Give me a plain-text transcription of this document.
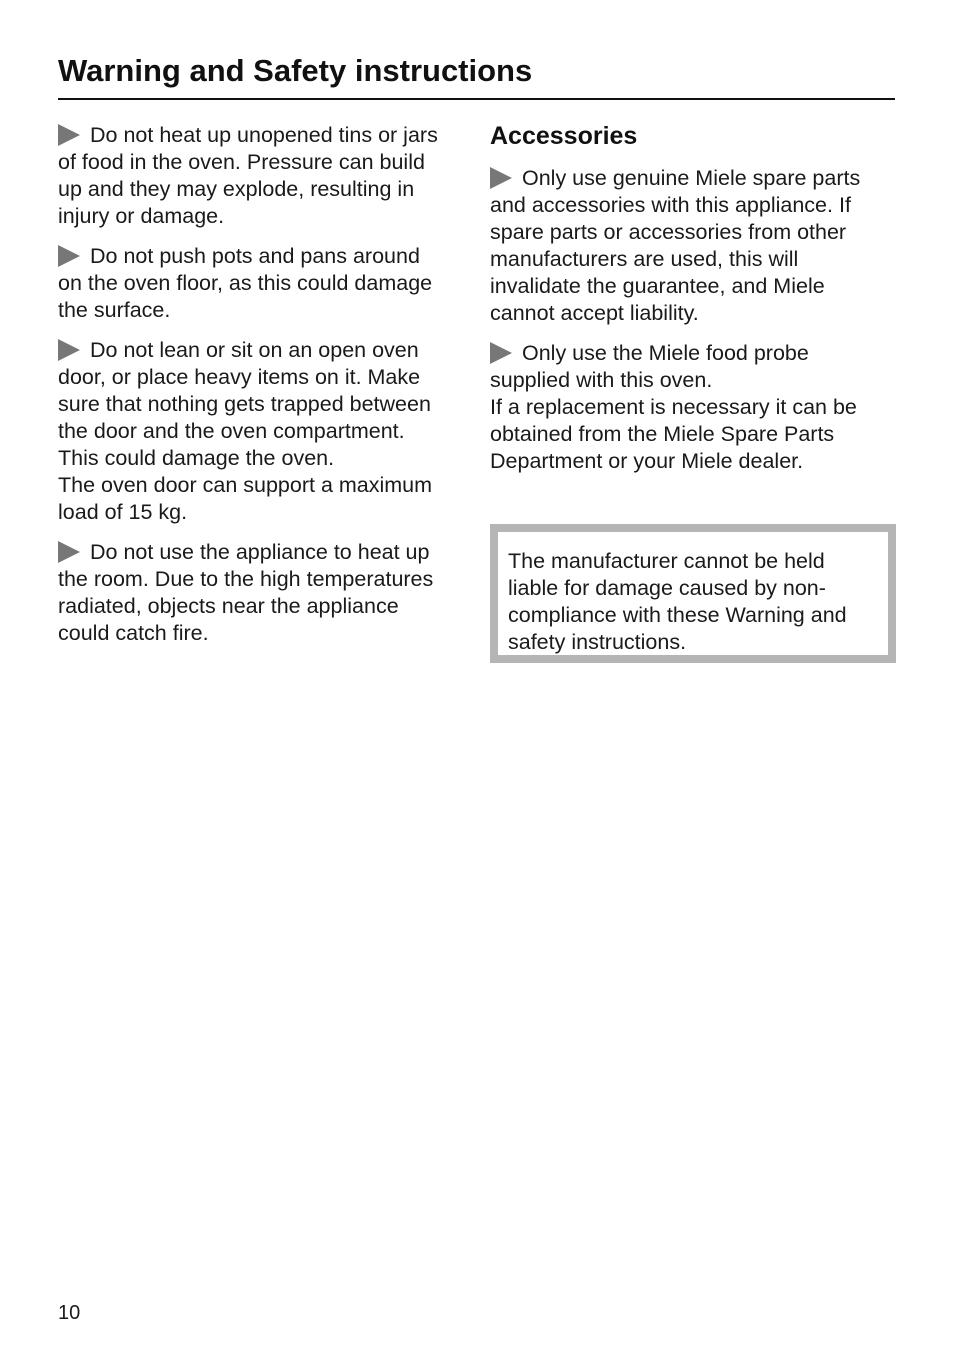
Warning and Safety instructions

Do not heat up unopened tins or jars
of food in the oven. Pressure can build
up and they may explode, resulting in
injury or damage.

Do not push pots and pans around
on the oven floor, as this could damage
the surface.

Do not lean or sit on an open oven
door, or place heavy items on it. Make
sure that nothing gets trapped between
the door and the oven compartment.
This could damage the oven.
The oven door can support a maximum
load of 15 kg.

Do not use the appliance to heat up
the room. Due to the high temperatures
radiated, objects near the appliance
could catch fire.

Accessories

Only use genuine Miele spare parts
and accessories with this appliance. If
spare parts or accessories from other
manufacturers are used, this will
invalidate the guarantee, and Miele
cannot accept liability.

Only use the Miele food probe
supplied with this oven.
If a replacement is necessary it can be
obtained from the Miele Spare Parts
Department or your Miele dealer.

The manufacturer cannot be held
liable for damage caused by non-
compliance with these Warning and
safety instructions.
10
